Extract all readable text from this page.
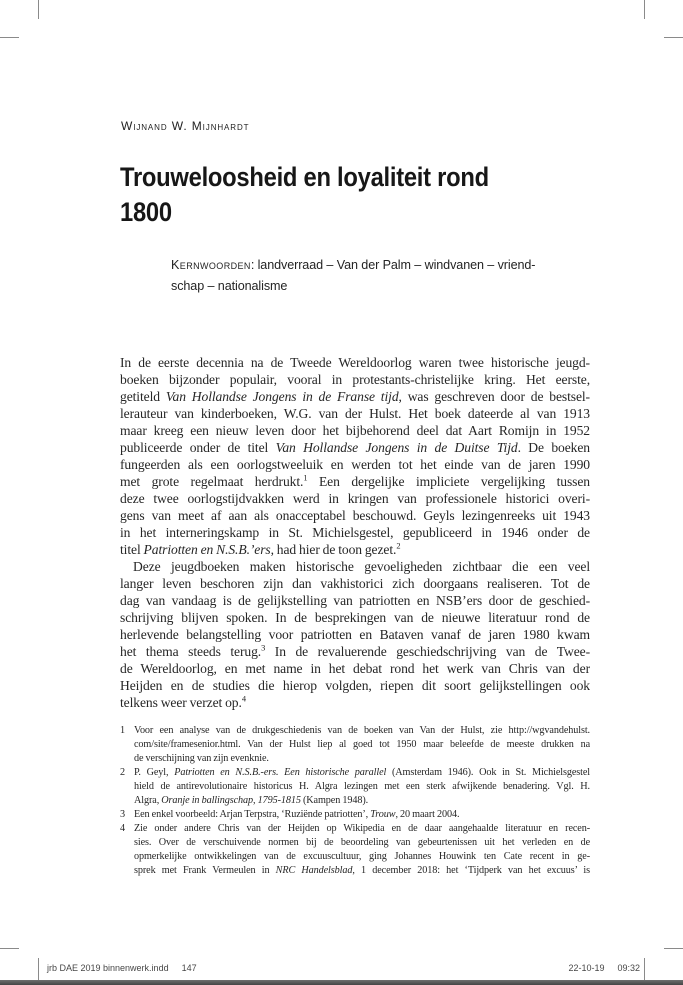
Wijnand W. Mijnhardt
Trouweloosheid en loyaliteit rond
1800
Kernwoorden: landverraad – Van der Palm – windvanen – vriend-
schap – nationalisme
In de eerste decennia na de Tweede Wereldoorlog waren twee historische jeugd-
boeken bijzonder populair, vooral in protestants-christelijke kring. Het eerste,
getiteld Van Hollandse Jongens in de Franse tijd, was geschreven door de bestsel-
lerauteur van kinderboeken, W.G. van der Hulst. Het boek dateerde al van 1913
maar kreeg een nieuw leven door het bijbehorend deel dat Aart Romijn in 1952
publiceerde onder de titel Van Hollandse Jongens in de Duitse Tijd. De boeken
fungeerden als een oorlogstweeluik en werden tot het einde van de jaren 1990
met grote regelmaat herdrukt.$^1$ Een dergelijke impliciete vergelijking tussen
deze twee oorlogstijdvakken werd in kringen van professionele historici overi-
gens van meet af aan als onacceptabel beschouwd. Geyls lezingenreeks uit 1943
in het interneringskamp in St. Michielsgestel, gepubliceerd in 1946 onder de
titel Patriotten en N.S.B.’ers, had hier de toon gezet.$^2$
Deze jeugdboeken maken historische gevoeligheden zichtbaar die een veel
langer leven beschoren zijn dan vakhistorici zich doorgaans realiseren. Tot de
dag van vandaag is de gelijkstelling van patriotten en NSB’ers door de geschied-
schrijving blijven spoken. In de besprekingen van de nieuwe literatuur rond de
herlevende belangstelling voor patriotten en Bataven vanaf de jaren 1980 kwam
het thema steeds terug.$^3$ In de revaluerende geschiedschrijving van de Twee-
de Wereldoorlog, en met name in het debat rond het werk van Chris van der
Heijden en de studies die hierop volgden, riepen dit soort gelijkstellingen ook
telkens weer verzet op.$^4$
1 Voor een analyse van de drukgeschiedenis van de boeken van Van der Hulst, zie http://wgvandehulst.
com/site/framesenior.html. Van der Hulst liep al goed tot 1950 maar beleefde de meeste drukken na
de verschijning van zijn evenknie.
2 P. Geyl, Patriotten en N.S.B.-ers. Een historische parallel (Amsterdam 1946). Ook in St. Michielsgestel
hield de antirevolutionaire historicus H. Algra lezingen met een sterk afwijkende benadering. Vgl. H.
Algra, Oranje in ballingschap, 1795-1815 (Kampen 1948).
3 Een enkel voorbeeld: Arjan Terpstra, ‘Ruziënde patriotten’, Trouw, 20 maart 2004.
4 Zie onder andere Chris van der Heijden op Wikipedia en de daar aangehaalde literatuur en recen-
sies. Over de verschuivende normen bij de beoordeling van gebeurtenissen uit het verleden en de
opmerkelijke ontwikkelingen van de excuuscultuur, ging Johannes Houwink ten Cate recent in ge-
sprek met Frank Vermeulen in NRC Handelsblad, 1 december 2018: het ‘Tijdperk van het excuus’ is
jrb DAE 2019 binnenwerk.indd 147	22-10-19 09:32
